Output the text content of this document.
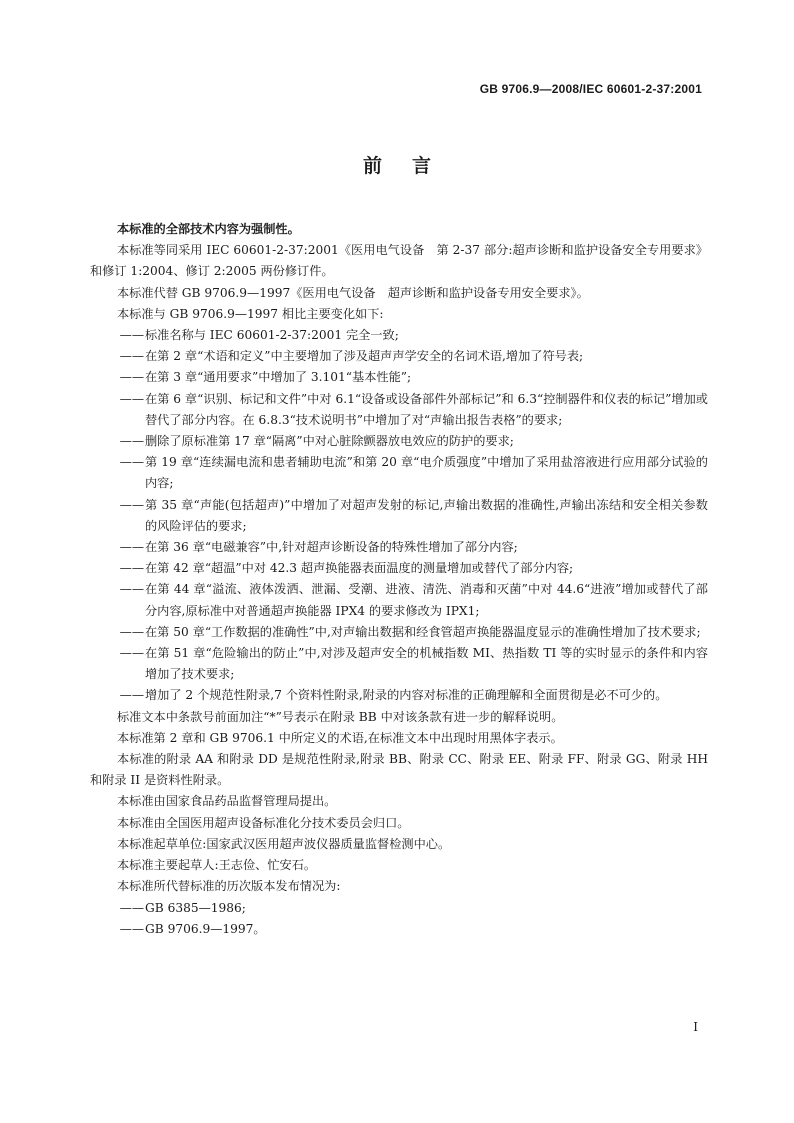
GB 9706.9—2008/IEC 60601-2-37:2001
前言
本标准的全部技术内容为强制性。
本标准等同采用 IEC 60601-2-37:2001《医用电气设备　第 2-37 部分:超声诊断和监护设备安全专用要求》和修订 1:2004、修订 2:2005 两份修订件。
本标准代替 GB 9706.9—1997《医用电气设备　超声诊断和监护设备专用安全要求》。
本标准与 GB 9706.9—1997 相比主要变化如下:
—— 标准名称与 IEC 60601-2-37:2001 完全一致;
—— 在第 2 章“术语和定义”中主要增加了涉及超声声学安全的名词术语,增加了符号表;
—— 在第 3 章“通用要求”中增加了 3.101“基本性能”;
—— 在第 6 章“识别、标记和文件”中对 6.1“设备或设备部件外部标记”和 6.3“控制器件和仪表的标记”增加或替代了部分内容。在 6.8.3“技术说明书”中增加了对“声输出报告表格”的要求;
—— 删除了原标准第 17 章“隔离”中对心脏除颤器放电效应的防护的要求;
—— 第 19 章“连续漏电流和患者辅助电流”和第 20 章“电介质强度”中增加了采用盐溶液进行应用部分试验的内容;
—— 第 35 章“声能(包括超声)”中增加了对超声发射的标记,声输出数据的准确性,声输出冻结和安全相关参数的风险评估的要求;
—— 在第 36 章“电磁兼容”中,针对超声诊断设备的特殊性增加了部分内容;
—— 在第 42 章“超温”中对 42.3 超声换能器表面温度的测量增加或替代了部分内容;
—— 在第 44 章“溢流、液体泼洒、泄漏、受潮、进液、清洗、消毒和灭菌”中对 44.6“进液”增加或替代了部分内容,原标准中对普通超声换能器 IPX4 的要求修改为 IPX1;
—— 在第 50 章“工作数据的准确性”中,对声输出数据和经食管超声换能器温度显示的准确性增加了技术要求;
—— 在第 51 章“危险输出的防止”中,对涉及超声安全的机械指数 MI、热指数 TI 等的实时显示的条件和内容增加了技术要求;
—— 增加了 2 个规范性附录,7 个资料性附录,附录的内容对标准的正确理解和全面贯彻是必不可少的。
标准文本中条款号前面加注“*”号表示在附录 BB 中对该条款有进一步的解释说明。
本标准第 2 章和 GB 9706.1 中所定义的术语,在标准文本中出现时用黑体字表示。
本标准的附录 AA 和附录 DD 是规范性附录,附录 BB、附录 CC、附录 EE、附录 FF、附录 GG、附录 HH和附录 II 是资料性附录。
本标准由国家食品药品监督管理局提出。
本标准由全国医用超声设备标准化分技术委员会归口。
本标准起草单位:国家武汉医用超声波仪器质量监督检测中心。
本标准主要起草人:王志俭、忙安石。
本标准所代替标准的历次版本发布情况为:
—— GB 6385—1986;
—— GB 9706.9—1997。
I
